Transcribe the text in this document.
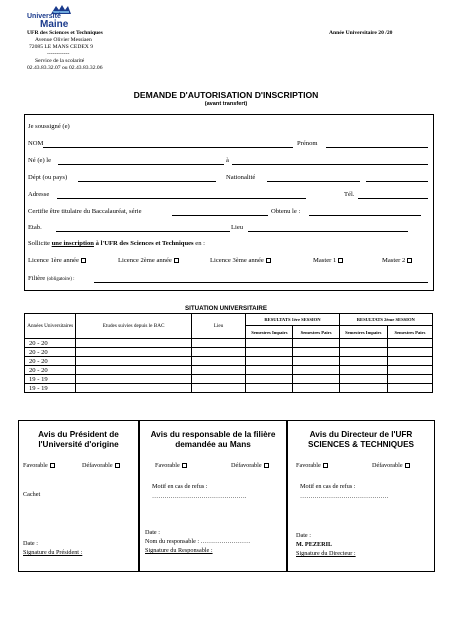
Université
Maine
UFR des Sciences et Techniques
Avenue Olivier Messiaen
72085 LE MANS CEDEX 9
------------
Service de la scolarité
02.43.83.32.07 ou 02.43.83.32.06
Année Universitaire 20 /20
DEMANDE D'AUTORISATION D'INSCRIPTION
(avant transfert)
Je soussigné (e)
NOM	Prénom
Né (e) le	à
Dépt (ou pays)	Nationalité
Adresse	Tél.
Certifie être titulaire du Baccalauréat, série	Obtenu le :
Etab.	Lieu
Sollicite une inscription à l'UFR des Sciences et Techniques en :
Licence 1ère année	Licence 2ème année	Licence 3ème année	Master 1	Master 2
Filière (obligatoire) :
SITUATION UNIVERSITAIRE
Années Universitaires	Etudes suivies depuis le BAC	Lieu	RESULTATS 1ère SESSION		RESULTATS 2ème SESSION	
			Semestres Impairs	Semestres Pairs	Semestres Impairs	Semestres Pairs
20 - 20						
20 - 20						
20 - 20						
20 - 20						
19 - 19						
19 - 19						
Avis du Président de l'Université d'origine
Favorable	Défavorable
Cachet
Date :
Signature du Président :
Avis du responsable de la filière demandée au Mans
Favorable	Défavorable
Motif en cas de refus :
……………………………………….
Date :
Nom du responsable : ……………………
Signature du Responsable :
Avis du Directeur de l'UFR SCIENCES & TECHNIQUES
Favorable	Défavorable
Motif en cas de refus :
…………………………………….
Date :
M. PEZERIL
Signature du Directeur :
